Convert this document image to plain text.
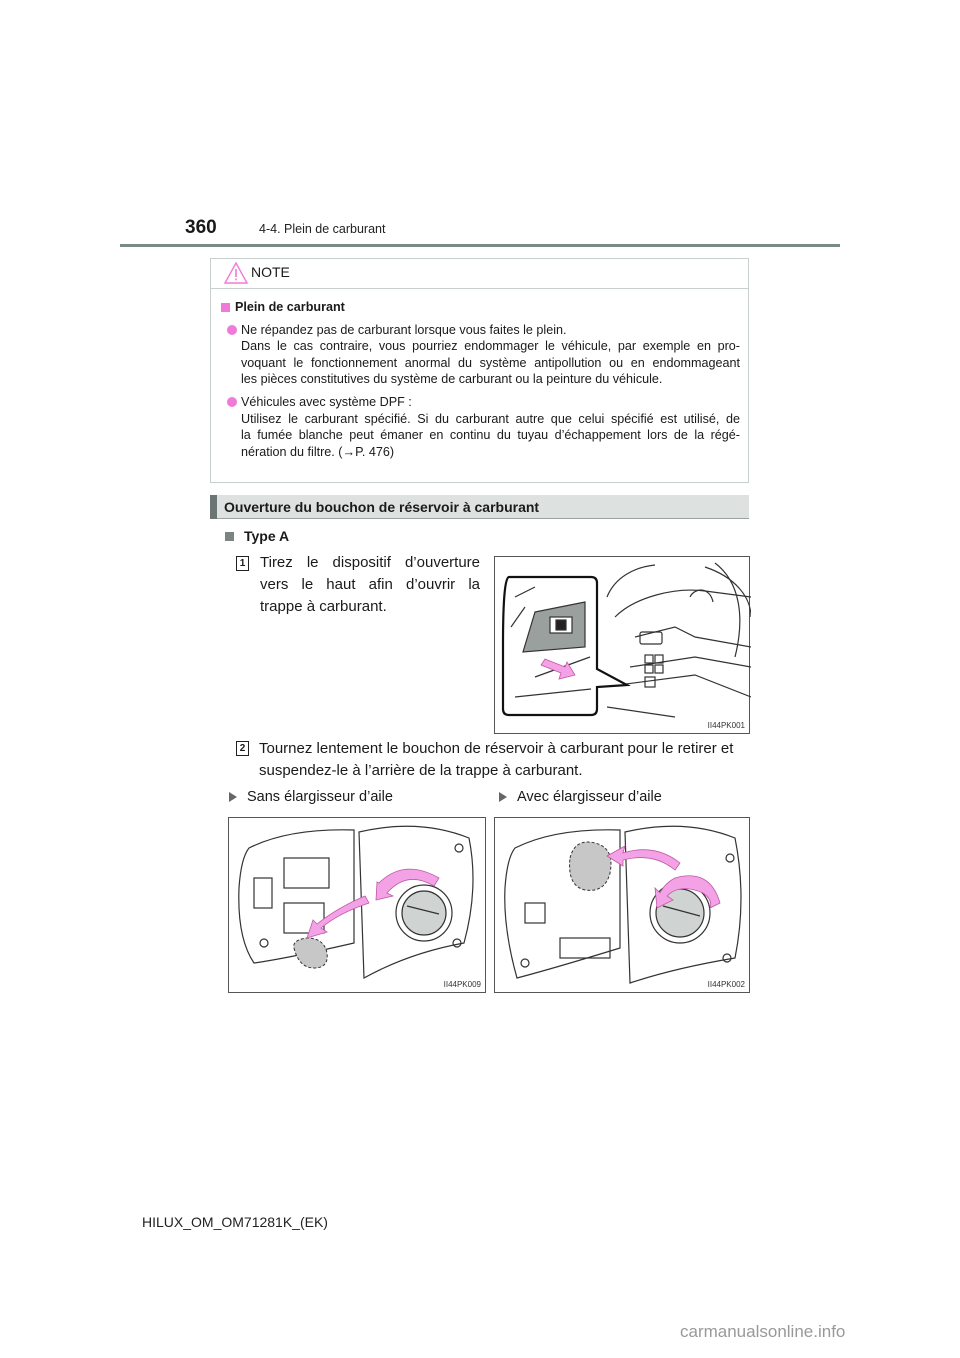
360	4-4. Plein de carburant
NOTE
Plein de carburant
Ne répandez pas de carburant lorsque vous faites le plein.
Dans le cas contraire, vous pourriez endommager le véhicule, par exemple en pro-
voquant le fonctionnement anormal du système antipollution ou en endommageant
les pièces constitutives du système de carburant ou la peinture du véhicule.
Véhicules avec système DPF :
Utilisez le carburant spécifié. Si du carburant autre que celui spécifié est utilisé, de
la fumée blanche peut émaner en continu du tuyau d’échappement lors de la régé-
nération du filtre. (→P. 476)
Ouverture du bouchon de réservoir à carburant
Type A
1 Tirez le dispositif d’ouverture vers le haut afin d’ouvrir la trappe à carburant.
II44PK001
2 Tournez lentement le bouchon de réservoir à carburant pour le retirer et suspendez-le à l’arrière de la trappe à carburant.
Sans élargisseur d’aile	Avec élargisseur d’aile
II44PK009	II44PK002
HILUX_OM_OM71281K_(EK)
carmanualsonline.info
